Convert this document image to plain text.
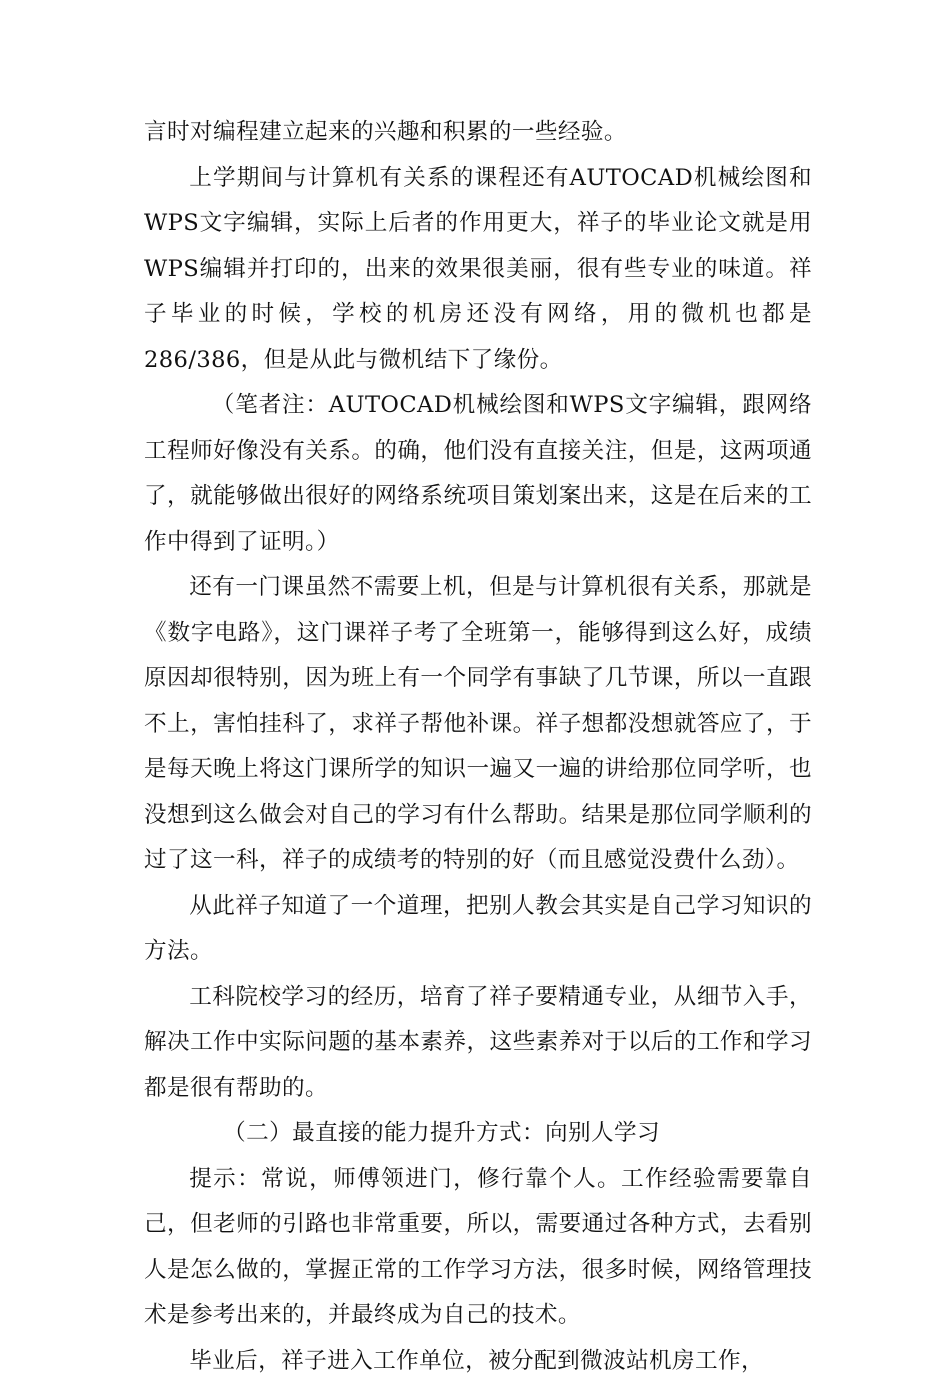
言时对编程建立起来的兴趣和积累的一些经验。

上学期间与计算机有关系的课程还有AUTOCAD机械绘图和WPS文字编辑，实际上后者的作用更大，祥子的毕业论文就是用WPS编辑并打印的，出来的效果很美丽，很有些专业的味道。祥子毕业的时候，学校的机房还没有网络，用的微机也都是286/386，但是从此与微机结下了缘份。

（笔者注：AUTOCAD机械绘图和WPS文字编辑，跟网络工程师好像没有关系。的确，他们没有直接关注，但是，这两项通了，就能够做出很好的网络系统项目策划案出来，这是在后来的工作中得到了证明。）

还有一门课虽然不需要上机，但是与计算机很有关系，那就是《数字电路》，这门课祥子考了全班第一，能够得到这么好，成绩原因却很特别，因为班上有一个同学有事缺了几节课，所以一直跟不上，害怕挂科了，求祥子帮他补课。祥子想都没想就答应了，于是每天晚上将这门课所学的知识一遍又一遍的讲给那位同学听，也没想到这么做会对自己的学习有什么帮助。结果是那位同学顺利的过了这一科，祥子的成绩考的特别的好（而且感觉没费什么劲）。

从此祥子知道了一个道理，把别人教会其实是自己学习知识的方法。

工科院校学习的经历，培育了祥子要精通专业，从细节入手，解决工作中实际问题的基本素养，这些素养对于以后的工作和学习都是很有帮助的。

（二）最直接的能力提升方式：向别人学习

提示：常说，师傅领进门，修行靠个人。工作经验需要靠自己，但老师的引路也非常重要，所以，需要通过各种方式，去看别人是怎么做的，掌握正常的工作学习方法，很多时候，网络管理技术是参考出来的，并最终成为自己的技术。

毕业后，祥子进入工作单位，被分配到微波站机房工作，
